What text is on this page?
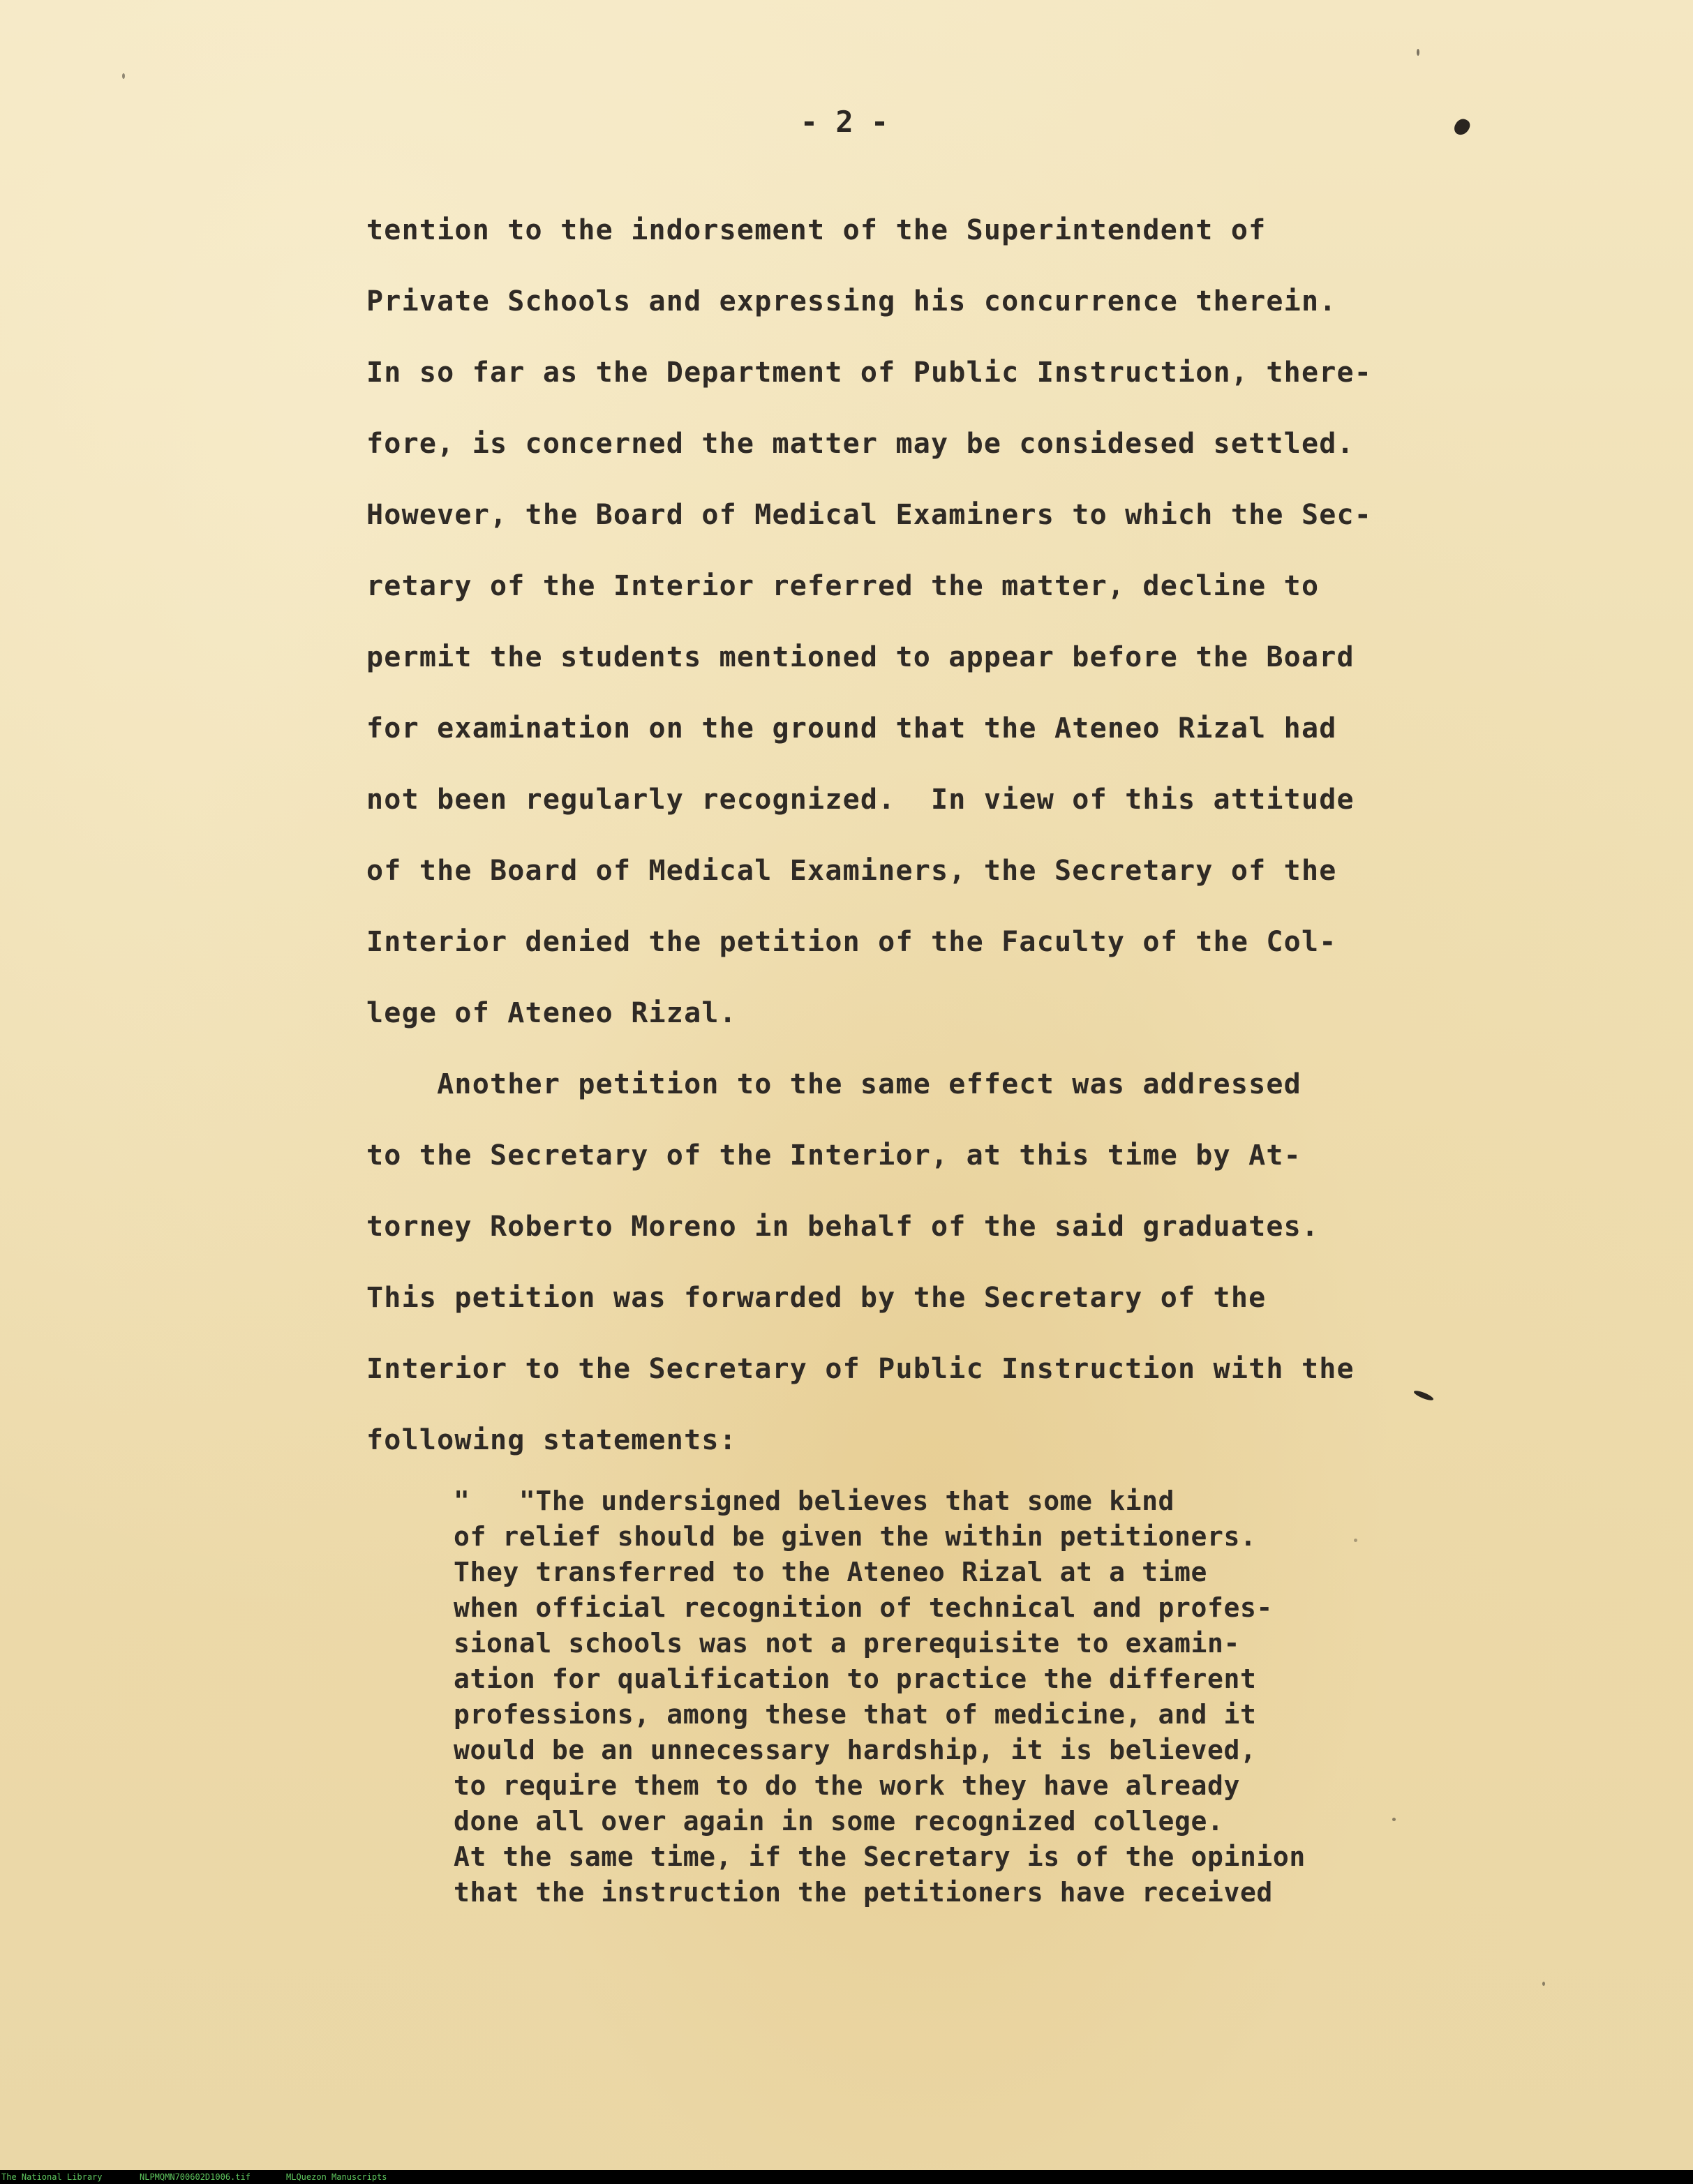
- 2 -
tention to the indorsement of the Superintendent of
Private Schools and expressing his concurrence therein.
In so far as the Department of Public Instruction, there-
fore, is concerned the matter may be considesed settled.
However, the Board of Medical Examiners to which the Sec-
retary of the Interior referred the matter, decline to
permit the students mentioned to appear before the Board
for examination on the ground that the Ateneo Rizal had
not been regularly recognized.  In view of this attitude
of the Board of Medical Examiners, the Secretary of the
Interior denied the petition of the Faculty of the Col-
lege of Ateneo Rizal.
Another petition to the same effect was addressed
to the Secretary of the Interior, at this time by At-
torney Roberto Moreno in behalf of the said graduates.
This petition was forwarded by the Secretary of the
Interior to the Secretary of Public Instruction with the
following statements:
"   "The undersigned believes that some kind
of relief should be given the within petitioners.
They transferred to the Ateneo Rizal at a time
when official recognition of technical and profes-
sional schools was not a prerequisite to examin-
ation for qualification to practice the different
professions, among these that of medicine, and it
would be an unnecessary hardship, it is believed,
to require them to do the work they have already
done all over again in some recognized college.
At the same time, if the Secretary is of the opinion
that the instruction the petitioners have received
The National Library	NLPMQMN700602D1006.tif	MLQuezon Manuscripts
